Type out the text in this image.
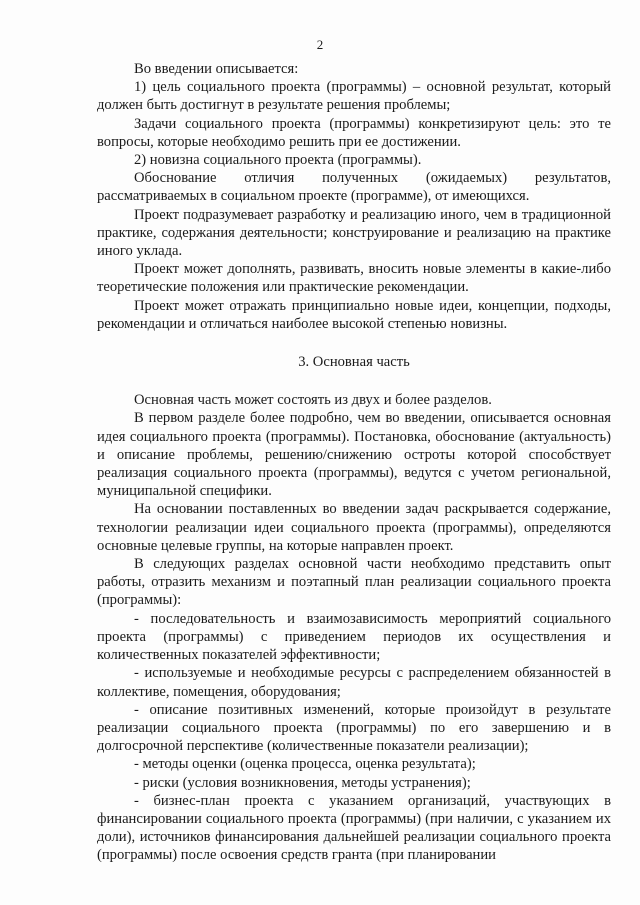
2

Во введении описывается:

1) цель социального проекта (программы) – основной результат, который должен быть достигнут в результате решения проблемы;

Задачи социального проекта (программы) конкретизируют цель: это те вопросы, которые необходимо решить при ее достижении.

2) новизна социального проекта (программы).

Обоснование отличия полученных (ожидаемых) результатов, рассматриваемых в социальном проекте (программе), от имеющихся.

Проект подразумевает разработку и реализацию иного, чем в традиционной практике, содержания деятельности; конструирование и реализацию на практике иного уклада.

Проект может дополнять, развивать, вносить новые элементы в какие-либо теоретические положения или практические рекомендации.

Проект может отражать принципиально новые идеи, концепции, подходы, рекомендации и отличаться наиболее высокой степенью новизны.

3. Основная часть

Основная часть может состоять из двух и более разделов.

В первом разделе более подробно, чем во введении, описывается основная идея социального проекта (программы). Постановка, обоснование (актуальность) и описание проблемы, решению/снижению остроты которой способствует реализация социального проекта (программы), ведутся с учетом региональной, муниципальной специфики.

На основании поставленных во введении задач раскрывается содержание, технологии реализации идеи социального проекта (программы), определяются основные целевые группы, на которые направлен проект.

В следующих разделах основной части необходимо представить опыт работы, отразить механизм и поэтапный план реализации социального проекта (программы):

- последовательность и взаимозависимость мероприятий социального проекта (программы) с приведением периодов их осуществления и количественных показателей эффективности;

- используемые и необходимые ресурсы с распределением обязанностей в коллективе, помещения, оборудования;

- описание позитивных изменений, которые произойдут в результате реализации социального проекта (программы) по его завершению и в долгосрочной перспективе (количественные показатели реализации);

- методы оценки (оценка процесса, оценка результата);

- риски (условия возникновения, методы устранения);

- бизнес-план проекта с указанием организаций, участвующих в финансировании социального проекта (программы) (при наличии, с указанием их доли), источников финансирования дальнейшей реализации социального проекта (программы) после освоения средств гранта (при планировании
